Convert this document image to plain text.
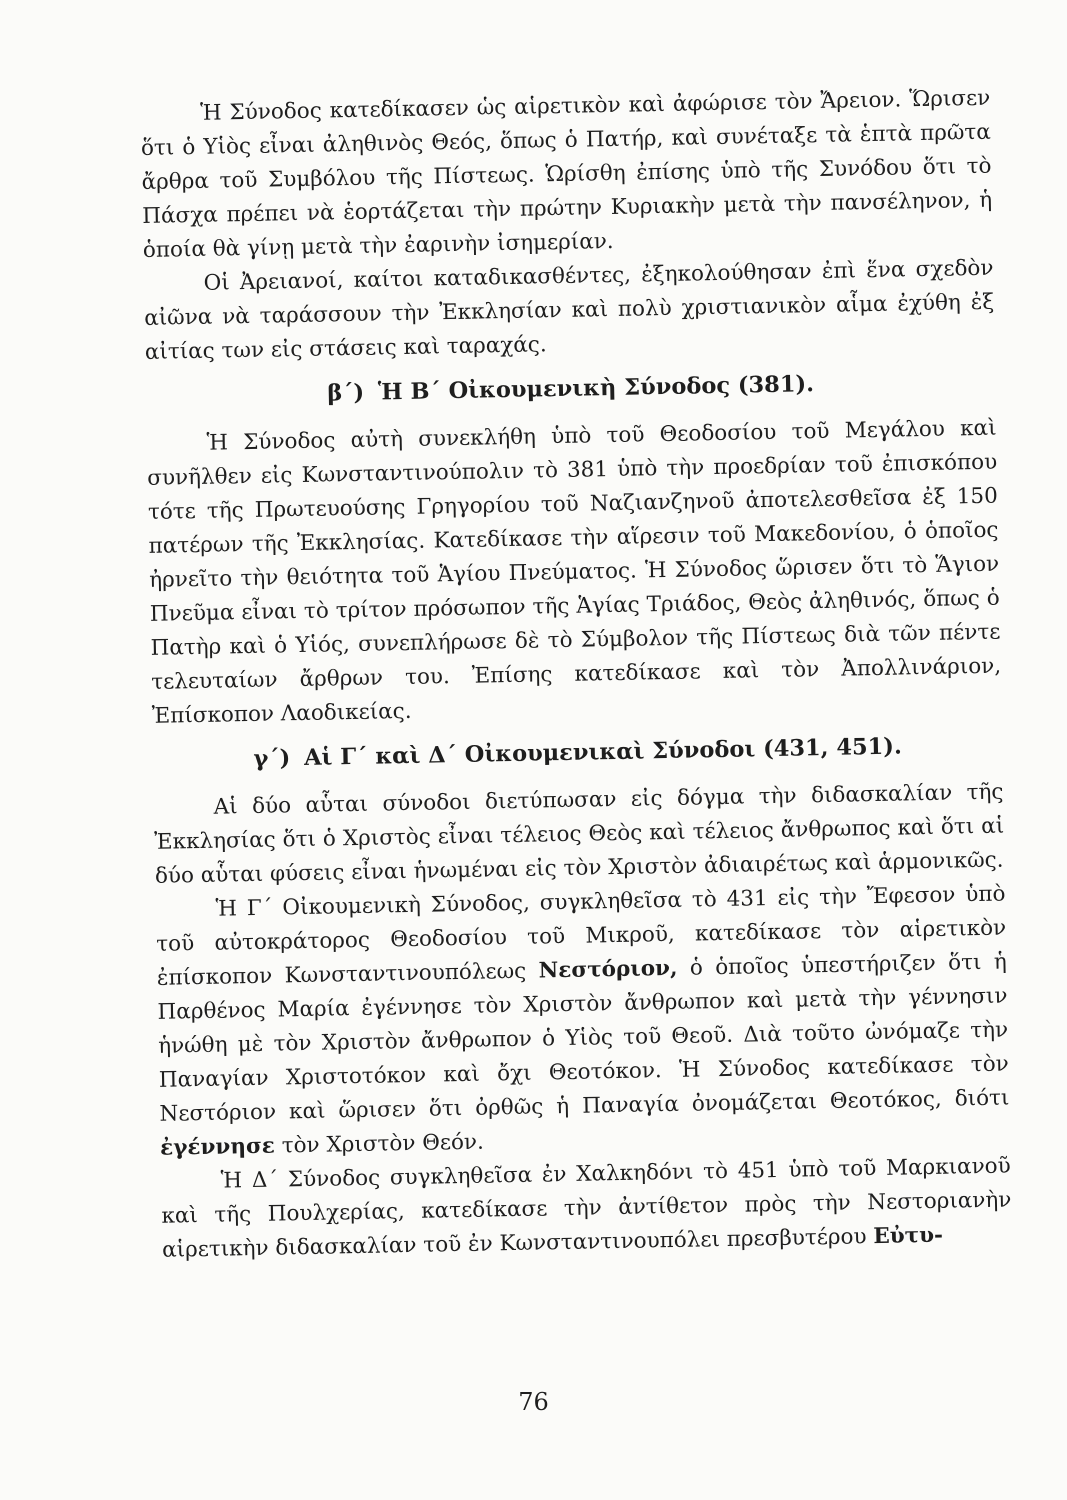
Ἡ Σύνοδος κατεδίκασεν ὡς αἱρετικὸν καὶ ἀφώρισε τὸν Ἄρειον. Ὥρισεν ὅτι ὁ Υἱὸς εἶναι ἀληθινὸς Θεός, ὅπως ὁ Πατήρ, καὶ συνέταξε τὰ ἑπτὰ πρῶτα ἄρθρα τοῦ Συμβόλου τῆς Πίστεως. Ὡρίσθη ἐπίσης ὑπὸ τῆς Συνόδου ὅτι τὸ Πάσχα πρέπει νὰ ἑορτάζεται τὴν πρώτην Κυριακὴν μετὰ τὴν πανσέληνον, ἡ ὁποία θὰ γίνῃ μετὰ τὴν ἐαρινὴν ἰσημερίαν.

Οἱ Ἀρειανοί, καίτοι καταδικασθέντες, ἐξηκολούθησαν ἐπὶ ἕνα σχεδὸν αἰῶνα νὰ ταράσσουν τὴν Ἐκκλησίαν καὶ πολὺ χριστιανικὸν αἷμα ἐχύθη ἐξ αἰτίας των εἰς στάσεις καὶ ταραχάς.

β΄) Ἡ Β΄ Οἰκουμενικὴ Σύνοδος (381).

Ἡ Σύνοδος αὐτὴ συνεκλήθη ὑπὸ τοῦ Θεοδοσίου τοῦ Μεγάλου καὶ συνῆλθεν εἰς Κωνσταντινούπολιν τὸ 381 ὑπὸ τὴν προεδρίαν τοῦ ἐπισκόπου τότε τῆς Πρωτευούσης Γρηγορίου τοῦ Ναζιανζηνοῦ ἀποτελεσθεῖσα ἐξ 150 πατέρων τῆς Ἐκκλησίας. Κατεδίκασε τὴν αἵρεσιν τοῦ Μακεδονίου, ὁ ὁποῖος ἠρνεῖτο τὴν θειότητα τοῦ Ἁγίου Πνεύματος. Ἡ Σύνοδος ὥρισεν ὅτι τὸ Ἅγιον Πνεῦμα εἶναι τὸ τρίτον πρόσωπον τῆς Ἁγίας Τριάδος, Θεὸς ἀληθινός, ὅπως ὁ Πατὴρ καὶ ὁ Υἱός, συνεπλήρωσε δὲ τὸ Σύμβολον τῆς Πίστεως διὰ τῶν πέντε τελευταίων ἄρθρων του. Ἐπίσης κατεδίκασε καὶ τὸν Ἀπολλινάριον, Ἐπίσκοπον Λαοδικείας.

γ΄) Αἱ Γ΄ καὶ Δ΄ Οἰκουμενικαὶ Σύνοδοι (431, 451).

Αἱ δύο αὗται σύνοδοι διετύπωσαν εἰς δόγμα τὴν διδασκαλίαν τῆς Ἐκκλησίας ὅτι ὁ Χριστὸς εἶναι τέλειος Θεὸς καὶ τέλειος ἄνθρωπος καὶ ὅτι αἱ δύο αὗται φύσεις εἶναι ἡνωμέναι εἰς τὸν Χριστὸν ἀδιαιρέτως καὶ ἁρμονικῶς.

Ἡ Γ΄ Οἰκουμενικὴ Σύνοδος, συγκληθεῖσα τὸ 431 εἰς τὴν Ἔφεσον ὑπὸ τοῦ αὐτοκράτορος Θεοδοσίου τοῦ Μικροῦ, κατεδίκασε τὸν αἱρετικὸν ἐπίσκοπον Κωνσταντινουπόλεως Νεστόριον, ὁ ὁποῖος ὑπεστήριζεν ὅτι ἡ Παρθένος Μαρία ἐγέννησε τὸν Χριστὸν ἄνθρωπον καὶ μετὰ τὴν γέννησιν ἡνώθη μὲ τὸν Χριστὸν ἄνθρωπον ὁ Υἱὸς τοῦ Θεοῦ. Διὰ τοῦτο ὠνόμαζε τὴν Παναγίαν Χριστοτόκον καὶ ὄχι Θεοτόκον. Ἡ Σύνοδος κατεδίκασε τὸν Νεστόριον καὶ ὥρισεν ὅτι ὀρθῶς ἡ Παναγία ὀνομάζεται Θεοτόκος, διότι ἐγέννησε τὸν Χριστὸν Θεόν.

Ἡ Δ΄ Σύνοδος συγκληθεῖσα ἐν Χαλκηδόνι τὸ 451 ὑπὸ τοῦ Μαρκιανοῦ καὶ τῆς Πουλχερίας, κατεδίκασε τὴν ἀντίθετον πρὸς τὴν Νεστοριανὴν αἱρετικὴν διδασκαλίαν τοῦ ἐν Κωνσταντινουπόλει πρεσβυτέρου Εὐτυ-

76
